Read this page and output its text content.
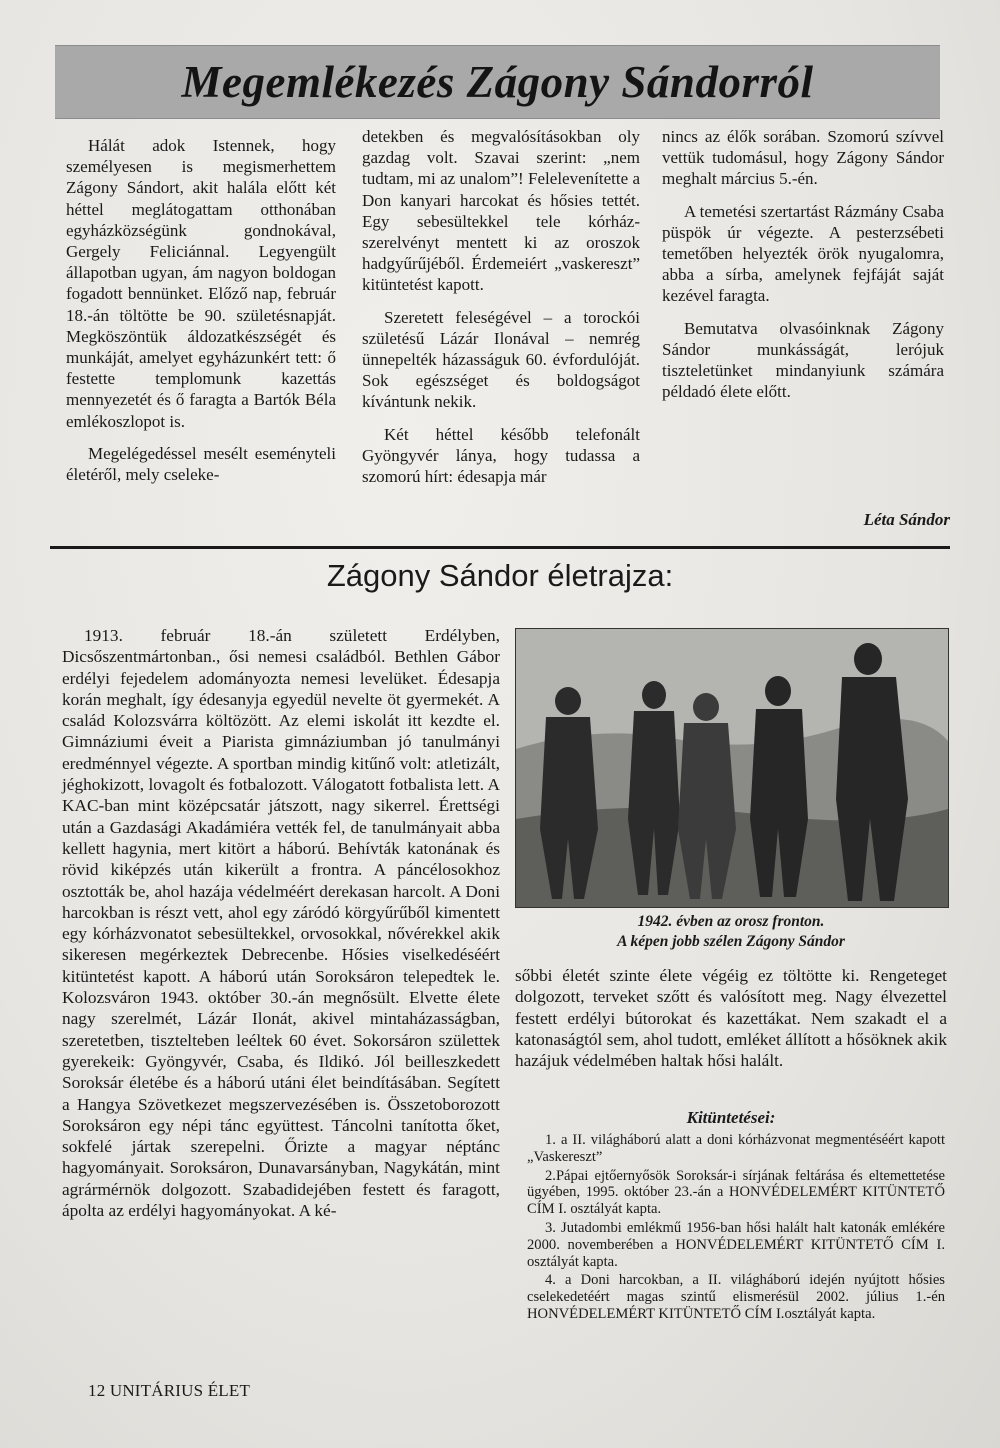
Megemlékezés Zágony Sándorról

Hálát adok Istennek, hogy személyesen is megismerhettem Zágony Sándort, akit halála előtt két héttel meglátogattam otthonában egyházközségünk gondnokával, Gergely Feliciánnal. Legyengült állapotban ugyan, ám nagyon boldogan fogadott bennünket. Előző nap, február 18.-án töltötte be 90. születésnapját. Megköszöntük áldozatkészségét és munkáját, amelyet egyházunkért tett: ő festette templomunk kazettás mennyezetét és ő faragta a Bartók Béla emlékoszlopot is.

Megelégedéssel mesélt eseményteli életéről, mely cseleke-

detekben és megvalósításokban oly gazdag volt. Szavai szerint: „nem tudtam, mi az unalom”! Felelevenítette a Don kanyari harcokat és hősies tettét. Egy sebesültekkel tele kórház-szerelvényt mentett ki az oroszok hadgyűrűjéből. Érdemeiért „vaskereszt” kitüntetést kapott.

Szeretett feleségével – a torockói születésű Lázár Ilonával – nemrég ünnepelték házasságuk 60. évfordulóját. Sok egészséget és boldogságot kívántunk nekik.

Két héttel később telefonált Gyöngyvér lánya, hogy tudassa a szomorú hírt: édesapja már

nincs az élők sorában. Szomorú szívvel vettük tudomásul, hogy Zágony Sándor meghalt március 5.-én.

A temetési szertartást Rázmány Csaba püspök úr végezte. A pesterzsébeti temetőben helyezték örök nyugalomra, abba a sírba, amelynek fejfáját saját kezével faragta.

Bemutatva olvasóinknak Zágony Sándor munkásságát, lerójuk tiszteletünket mindanyiunk számára példadó élete előtt.

Léta Sándor
Zágony Sándor életrajza:

1913. február 18.-án született Erdélyben, Dicsőszentmártonban., ősi nemesi családból. Bethlen Gábor erdélyi fejedelem adományozta nemesi levelüket. Édesapja korán meghalt, így édesanyja egyedül nevelte öt gyermekét. A család Kolozsvárra költözött. Az elemi iskolát itt kezdte el. Gimnáziumi éveit a Piarista gimnáziumban jó tanulmányi eredménnyel végezte. A sportban mindig kitűnő volt: atletizált, jéghokizott, lovagolt és fotbalozott. Válogatott fotbalista lett. A KAC-ban mint középcsatár játszott, nagy sikerrel. Érettségi után a Gazdasági Akadámiéra vették fel, de tanulmányait abba kellett hagynia, mert kitört a háború. Behívták katonának és rövid kiképzés után kikerült a frontra. A páncélosokhoz osztották be, ahol hazája védelméért derekasan harcolt. A Doni harcokban is részt vett, ahol egy záródó körgyűrűből kimentett egy kórházvonatot sebesültekkel, orvosokkal, nővérekkel akik sikeresen megérkeztek Debrecenbe. Hősies viselkedéséért kitüntetést kapott. A háború után Soroksáron telepedtek le. Kolozsváron 1943. október 30.-án megnősült. Elvette élete nagy szerelmét, Lázár Ilonát, akivel mintaházasságban, szeretetben, tisztelteben leéltek 60 évet. Sokorsáron születtek gyerekeik: Gyöngyvér, Csaba, és Ildikó. Jól beilleszkedett Soroksár életébe és a háború utáni élet beindításában. Segített a Hangya Szövetkezet megszervezésében is. Összetoborozott Soroksáron egy népi tánc együttest. Táncolni tanította őket, sokfelé jártak szerepelni. Őrizte a magyar néptánc hagyományait. Soroksáron, Dunavarsányban, Nagykátán, mint agrármérnök dolgozott. Szabadidejében festett és faragott, ápolta az erdélyi hagyományokat. A ké-

1942. évben az orosz fronton.
A képen jobb szélen Zágony Sándor

sőbbi életét szinte élete végéig ez töltötte ki. Rengeteget dolgozott, terveket szőtt és valósított meg. Nagy élvezettel festett erdélyi bútorokat és kazettákat. Nem szakadt el a katonaságtól sem, ahol tudott, emléket állított a hősöknek akik hazájuk védelmében haltak hősi halált.

Kitüntetései:

1. a II. világháború alatt a doni kórházvonat megmentéséért kapott „Vaskereszt”

2.Pápai ejtőernyősök Soroksár-i sírjának feltárása és eltemettetése ügyében, 1995. október 23.-án a HONVÉDELEMÉRT KITÜNTETŐ CÍM I. osztályát kapta.

3. Jutadombi emlékmű 1956-ban hősi halált halt katonák emlékére 2000. novemberében a HONVÉDELEMÉRT KITÜNTETŐ CÍM I. osztályát kapta.

4. a Doni harcokban, a II. világháború idején nyújtott hősies cselekedetéért magas szintű elismerésül 2002. július 1.-én HONVÉDELEMÉRT KITÜNTETŐ CÍM I.osztályát kapta.

12 UNITÁRIUS ÉLET
